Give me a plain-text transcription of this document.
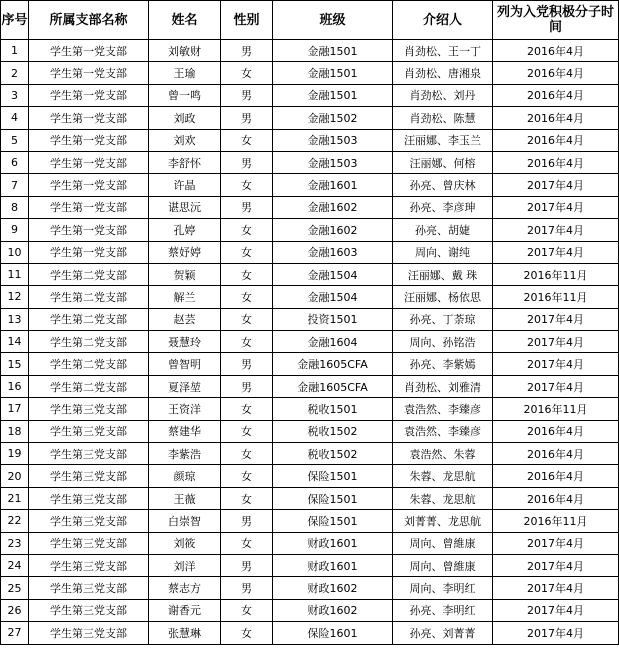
序号	所属支部名称	姓名	性别	班级	介绍人	列为入党积极分子时间
1	学生第一党支部	刘敏财	男	金融1501	肖劲松、王一丁	2016年4月
2	学生第一党支部	王瑜	女	金融1501	肖劲松、唐湘泉	2016年4月
3	学生第一党支部	曾一鸣	男	金融1501	肖劲松、刘丹	2016年4月
4	学生第一党支部	刘政	男	金融1502	肖劲松、陈慧	2016年4月
5	学生第一党支部	刘欢	女	金融1503	汪丽娜、李玉兰	2016年4月
6	学生第一党支部	李舒怀	男	金融1503	汪丽娜、何榕	2016年4月
7	学生第一党支部	许晶	女	金融1601	孙亮、曾庆林	2017年4月
8	学生第一党支部	谌思沅	男	金融1602	孙亮、李彦珅	2017年4月
9	学生第一党支部	孔婷	女	金融1602	孙亮、胡婕	2017年4月
10	学生第一党支部	蔡妤婷	女	金融1603	周向、谢纯	2017年4月
11	学生第二党支部	贺颖	女	金融1504	汪丽娜、戴 珠	2016年11月
12	学生第二党支部	解兰	女	金融1504	汪丽娜、杨依思	2016年11月
13	学生第二党支部	赵芸	女	投资1501	孙亮、丁荼琼	2017年4月
14	学生第二党支部	聂慧玲	女	金融1604	周向、孙铭浩	2017年4月
15	学生第二党支部	曾智明	男	金融1605CFA	孙亮、李紫嫣	2017年4月
16	学生第二党支部	夏泽堃	男	金融1605CFA	肖劲松、刘雅清	2017年4月
17	学生第三党支部	王资洋	女	税收1501	袁浩然、李臻彦	2016年11月
18	学生第三党支部	蔡建华	女	税收1502	袁浩然、李臻彦	2016年4月
19	学生第三党支部	李紫浩	女	税收1502	袁浩然、朱蓉	2016年4月
20	学生第三党支部	颜琼	女	保险1501	朱蓉、龙思航	2016年4月
21	学生第三党支部	王薇	女	保险1501	朱蓉、龙思航	2016年4月
22	学生第三党支部	白崇智	男	保险1501	刘菁菁、龙思航	2016年11月
23	学生第三党支部	刘筱	女	财政1601	周向、曾維康	2017年4月
24	学生第三党支部	刘洋	男	财政1601	周向、曾維康	2017年4月
25	学生第三党支部	蔡志方	男	财政1602	周向、李明红	2017年4月
26	学生第三党支部	谢香元	女	财政1602	孙亮、李明红	2017年4月
27	学生第三党支部	张慧琳	女	保险1601	孙亮、刘菁菁	2017年4月
